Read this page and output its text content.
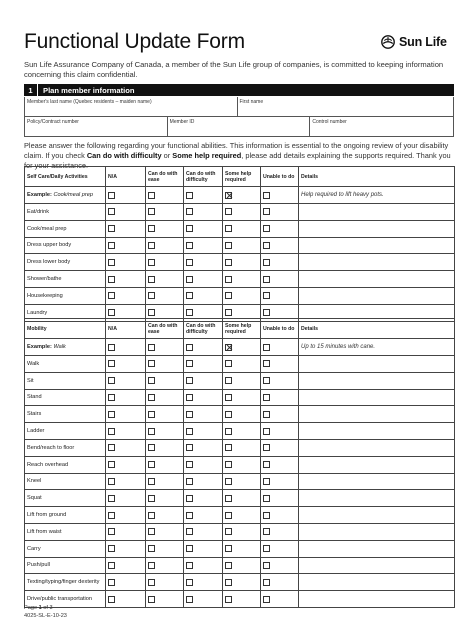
Functional Update Form	Sun Life
Sun Life Assurance Company of Canada, a member of the Sun Life group of companies, is committed to keeping information concerning this claim confidential.
1	Plan member information
Member's last name (Quebec residents – maiden name)	First name
Policy/Contract number	Member ID	Control number
Please answer the following regarding your functional abilities. This information is essential to the ongoing review of your disability claim. If you check Can do with difficulty or Some help required, please add details explaining the supports required. Thank you for your assistance.
Self Care/Daily Activities	N/A	Can do with ease	Can do with difficulty	Some help required	Unable to do	Details
Example: Cook/meal prep						Help required to lift heavy pots.
Eat/drink						
Cook/meal prep						
Dress upper body						
Dress lower body						
Shower/bathe						
Housekeeping						
Laundry						
Mobility	N/A	Can do with ease	Can do with difficulty	Some help required	Unable to do	Details
Example: Walk						Up to 15 minutes with cane.
Walk						
Sit						
Stand						
Stairs						
Ladder						
Bend/reach to floor						
Reach overhead						
Kneel						
Squat						
Lift from ground						
Lift from waist						
Carry						
Push/pull						
Texting/typing/finger dexterity						
Drive/public transportation						
Page 1 of 3
4025-SL-E-10-23
